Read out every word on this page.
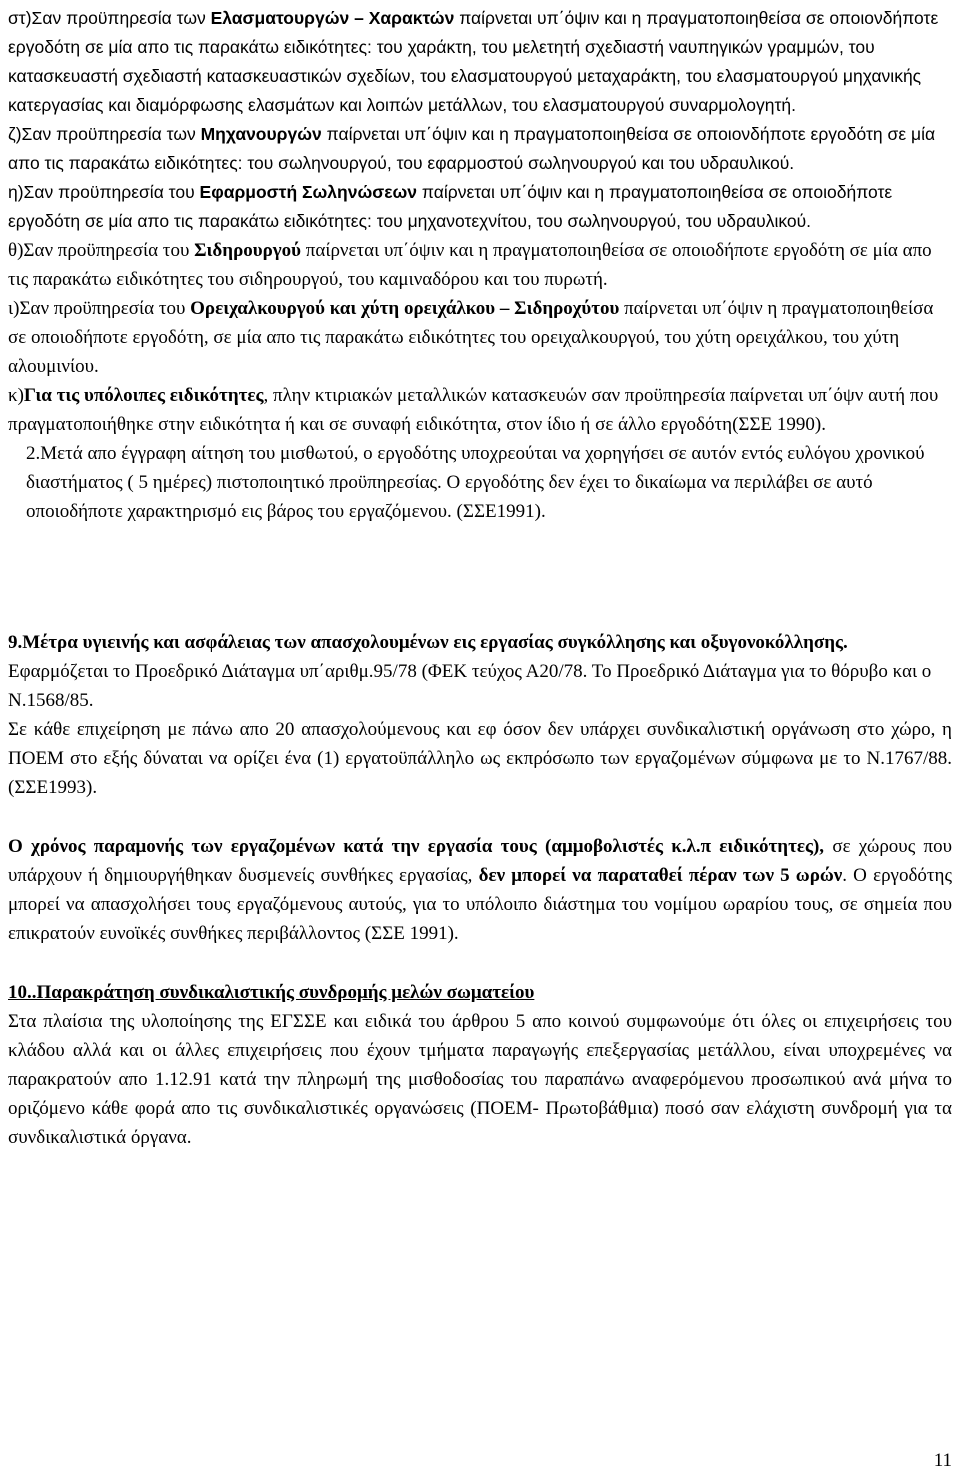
στ)Σαν προϋπηρεσία των Ελασματουργών – Χαρακτών παίρνεται υπ΄όψιν και η πραγματοποιηθείσα σε οποιονδήποτε εργοδότη σε μία απο τις παρακάτω ειδικότητες: του χαράκτη, του μελετητή σχεδιαστή ναυπηγικών γραμμών, του κατασκευαστή σχεδιαστή κατασκευαστικών σχεδίων, του ελασματουργού μεταχαράκτη, του ελασματουργού μηχανικής κατεργασίας και διαμόρφωσης ελασμάτων και λοιπών μετάλλων, του ελασματουργού συναρμολογητή.

ζ)Σαν προϋπηρεσία των Μηχανουργών παίρνεται υπ΄όψιν και η πραγματοποιηθείσα σε οποιονδήποτε εργοδότη σε μία απο τις παρακάτω ειδικότητες: του σωληνουργού, του εφαρμοστού σωληνουργού και του υδραυλικού.

η)Σαν προϋπηρεσία του Εφαρμοστή Σωληνώσεων παίρνεται υπ΄όψιν και η πραγματοποιηθείσα σε οποιοδήποτε εργοδότη σε μία απο τις παρακάτω ειδικότητες: του μηχανοτεχνίτου, του σωληνουργού, του υδραυλικού.

θ)Σαν προϋπηρεσία του Σιδηρουργού παίρνεται υπ΄όψιν και η πραγματοποιηθείσα σε οποιοδήποτε εργοδότη σε μία απο τις παρακάτω ειδικότητες του σιδηρουργού, του καμιναδόρου και του πυρωτή.

ι)Σαν προϋπηρεσία του Ορειχαλκουργού και χύτη ορειχάλκου – Σιδηροχύτου παίρνεται υπ΄όψιν η πραγματοποιηθείσα σε οποιοδήποτε εργοδότη, σε μία απο τις παρακάτω ειδικότητες του ορειχαλκουργού, του χύτη ορειχάλκου, του χύτη αλουμινίου.

κ)Για τις υπόλοιπες ειδικότητες, πλην κτιριακών μεταλλικών κατασκευών σαν προϋπηρεσία παίρνεται υπ΄όψν αυτή που πραγματοποιήθηκε στην ειδικότητα ή και σε συναφή ειδικότητα, στον ίδιο ή σε άλλο εργοδότη(ΣΣΕ 1990).

2.Μετά απο έγγραφη αίτηση του μισθωτού, ο εργοδότης υποχρεούται να χορηγήσει σε αυτόν εντός ευλόγου χρονικού διαστήματος ( 5 ημέρες) πιστοποιητικό προϋπηρεσίας. Ο εργοδότης δεν έχει το δικαίωμα να περιλάβει σε αυτό οποιοδήποτε χαρακτηρισμό εις βάρος του εργαζόμενου. (ΣΣΕ1991).

9.Μέτρα υγιεινής και ασφάλειας των απασχολουμένων εις εργασίας συγκόλλησης και οξυγονοκόλλησης.

Εφαρμόζεται το Προεδρικό Διάταγμα υπ΄αριθμ.95/78 (ΦΕΚ τεύχος Α20/78. Το Προεδρικό Διάταγμα για το θόρυβο και ο Ν.1568/85.

Σε κάθε επιχείρηση με πάνω απο 20 απασχολούμενους και εφ όσον δεν υπάρχει συνδικαλιστική οργάνωση στο χώρο, η ΠΟΕΜ στο εξής δύναται να ορίζει ένα (1) εργατοϋπάλληλο ως εκπρόσωπο των εργαζομένων σύμφωνα με το Ν.1767/88. (ΣΣΕ1993).

Ο χρόνος παραμονής των εργαζομένων κατά την εργασία τους (αμμοβολιστές κ.λ.π ειδικότητες), σε χώρους που υπάρχουν ή δημιουργήθηκαν δυσμενείς συνθήκες εργασίας, δεν μπορεί να παραταθεί πέραν των 5 ωρών. Ο εργοδότης μπορεί να απασχολήσει τους εργαζόμενους αυτούς, για το υπόλοιπο διάστημα του νομίμου ωραρίου τους, σε σημεία που επικρατούν ευνοϊκές συνθήκες περιβάλλοντος (ΣΣΕ 1991).

10..Παρακράτηση συνδικαλιστικής συνδρομής μελών σωματείου

Στα πλαίσια της υλοποίησης της ΕΓΣΣΕ και ειδικά του άρθρου 5 απο κοινού συμφωνούμε ότι όλες οι επιχειρήσεις του κλάδου αλλά και οι άλλες επιχειρήσεις που έχουν τμήματα παραγωγής επεξεργασίας μετάλλου, είναι υποχρεμένες να παρακρατούν απο 1.12.91 κατά την πληρωμή της μισθοδοσίας του παραπάνω αναφερόμενου προσωπικού ανά μήνα το οριζόμενο κάθε φορά απο τις συνδικαλιστικές οργανώσεις (ΠΟΕΜ- Πρωτοβάθμια) ποσό σαν ελάχιστη συνδρομή για τα συνδικαλιστικά όργανα.

11
